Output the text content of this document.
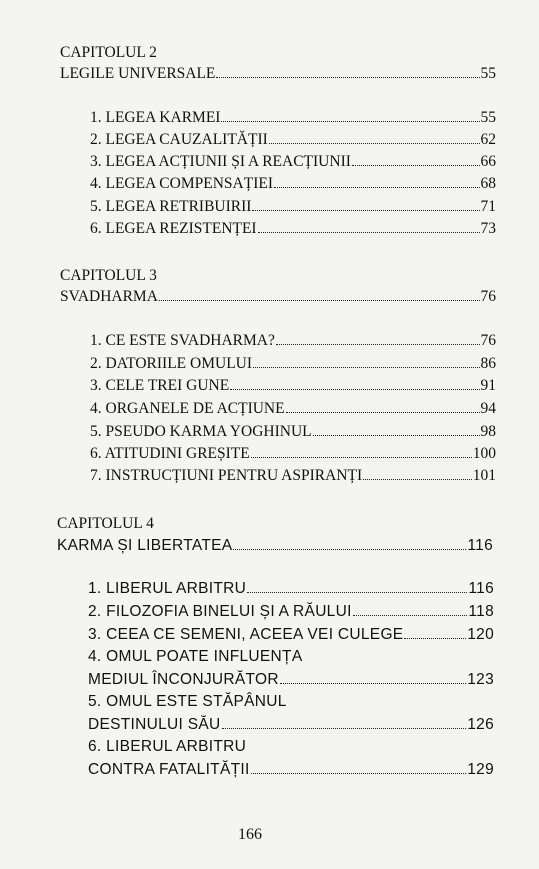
CAPITOLUL 2
LEGILE UNIVERSALE	55
1. LEGEA KARMEI	55
2. LEGEA CAUZALITĂȚII	62
3. LEGEA ACȚIUNII ȘI A REACȚIUNII	66
4. LEGEA COMPENSAȚIEI	68
5. LEGEA RETRIBUIRII	71
6. LEGEA REZISTENȚEI	73
CAPITOLUL 3
SVADHARMA	76
1. CE ESTE SVADHARMA?	76
2. DATORIILE OMULUI	86
3. CELE TREI GUNE	91
4. ORGANELE DE ACȚIUNE	94
5. PSEUDO KARMA YOGHINUL	98
6. ATITUDINI GREȘITE	100
7. INSTRUCȚIUNI PENTRU ASPIRANȚI	101
CAPITOLUL 4
KARMA ȘI LIBERTATEA	116
1. LIBERUL ARBITRU	116
2. FILOZOFIA BINELUI ȘI A RĂULUI	118
3. CEEA CE SEMENI, ACEEA VEI CULEGE	120
4. OMUL POATE INFLUENȚA
MEDIUL ÎNCONJURĂTOR	123
5. OMUL ESTE STĂPÂNUL
DESTINULUI SĂU	126
6. LIBERUL ARBITRU
CONTRA FATALITĂȚII	129
166
